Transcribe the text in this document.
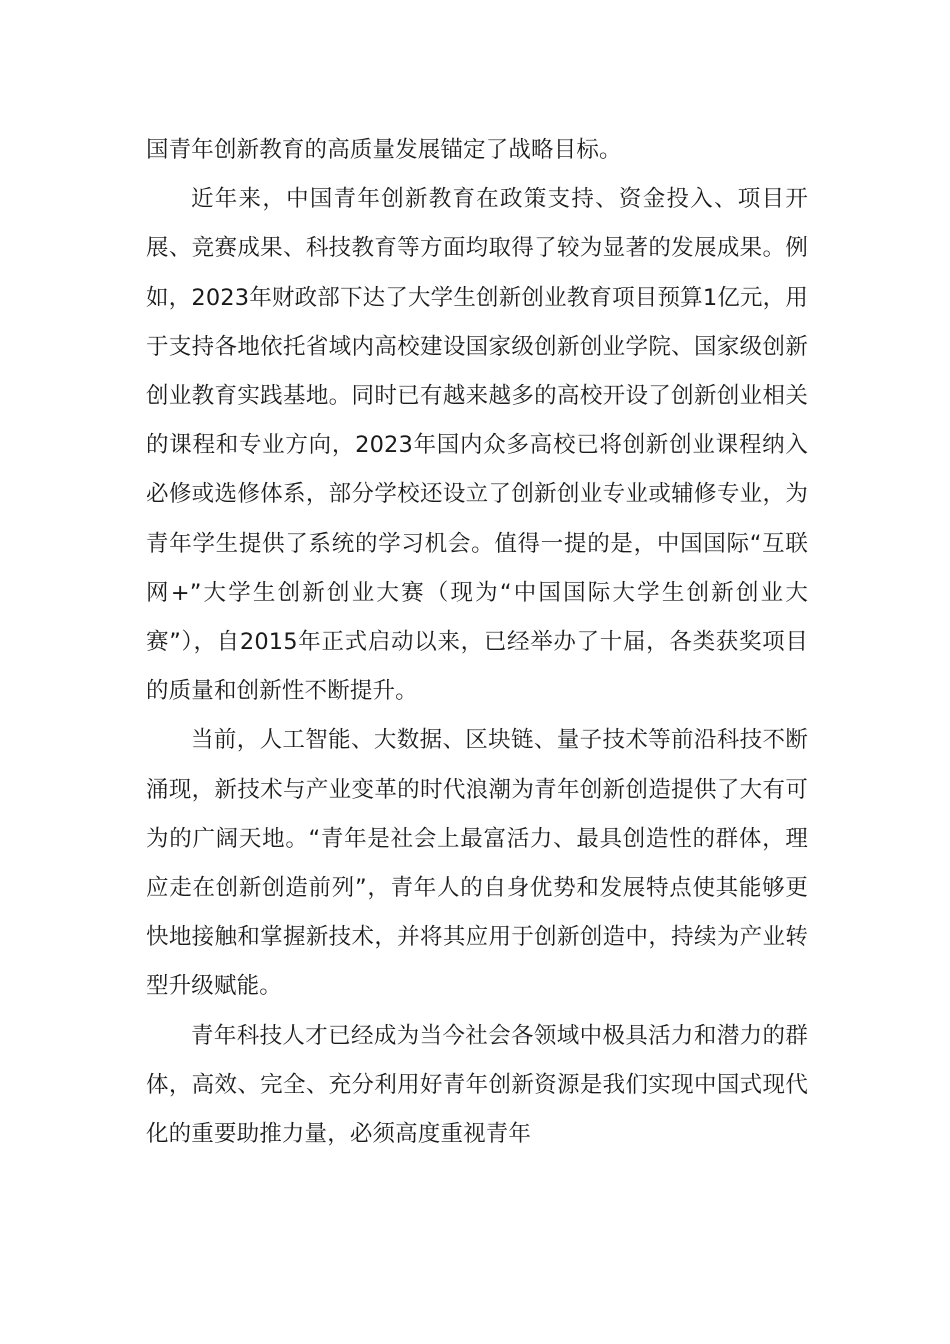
国青年创新教育的高质量发展锚定了战略目标。

近年来，中国青年创新教育在政策支持、资金投入、项目开展、竞赛成果、科技教育等方面均取得了较为显著的发展成果。例如，2023年财政部下达了大学生创新创业教育项目预算1亿元，用于支持各地依托省域内高校建设国家级创新创业学院、国家级创新创业教育实践基地。同时已有越来越多的高校开设了创新创业相关的课程和专业方向，2023年国内众多高校已将创新创业课程纳入必修或选修体系，部分学校还设立了创新创业专业或辅修专业，为青年学生提供了系统的学习机会。值得一提的是，中国国际“互联网+”大学生创新创业大赛（现为“中国国际大学生创新创业大赛”），自2015年正式启动以来，已经举办了十届，各类获奖项目的质量和创新性不断提升。

当前，人工智能、大数据、区块链、量子技术等前沿科技不断涌现，新技术与产业变革的时代浪潮为青年创新创造提供了大有可为的广阔天地。“青年是社会上最富活力、最具创造性的群体，理应走在创新创造前列”，青年人的自身优势和发展特点使其能够更快地接触和掌握新技术，并将其应用于创新创造中，持续为产业转型升级赋能。

青年科技人才已经成为当今社会各领域中极具活力和潜力的群体，高效、完全、充分利用好青年创新资源是我们实现中国式现代化的重要助推力量，必须高度重视青年
